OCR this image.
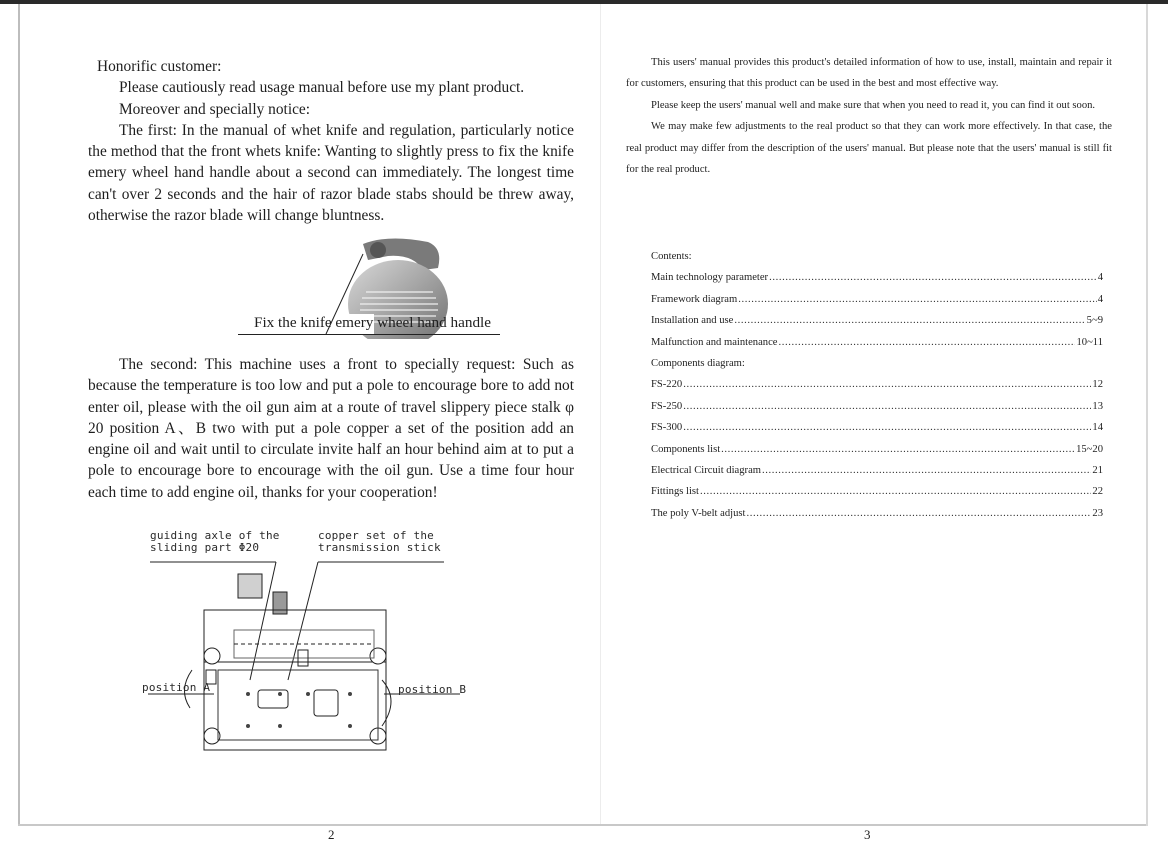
Honorific customer:

Please cautiously read usage manual before use my plant product.

Moreover and specially notice:

The first: In the manual of whet knife and regulation, particularly notice the method that the front whets knife: Wanting to slightly press to fix the knife emery wheel hand handle about a second can immediately. The longest time can't over 2 seconds and the hair of razor blade stabs should be threw away, otherwise the razor blade will change bluntness.

Fix the knife emery wheel hand handle

The second: This machine uses a front to specially request: Such as because the temperature is too low and put a pole to encourage bore to add not enter oil, please with the oil gun aim at a route of travel slippery piece stalk φ 20 position A、B two with put a pole copper a set of the position add an engine oil and wait until to circulate invite half an hour behind aim at to put a pole to encourage bore to encourage with the oil gun. Use a time four hour each time to add engine oil, thanks for your cooperation!

guiding axle of the
sliding part Φ20
copper set of the
transmission stick
position A	position B
2

This users' manual provides this product's detailed information of how to use, install, maintain and repair it for customers, ensuring that this product can be used in the best and most effective way.

Please keep the users' manual well and make sure that when you need to read it, you can find it out soon.

We may make few adjustments to the real product so that they can work more effectively. In that case, the real product may differ from the description of the users' manual. But please note that the users' manual is still fit for the real product.

Contents:
Main technology parameter .....	4
Framework diagram .....	4
Installation and use .....	5~9
Malfunction and maintenance .....	10~11
Components diagram:
FS-220 .....	12
FS-250 .....	13
FS-300 .....	14
Components list .....	15~20
Electrical Circuit diagram .....	21
Fittings list .....	22
The poly V-belt adjust .....	23
3
